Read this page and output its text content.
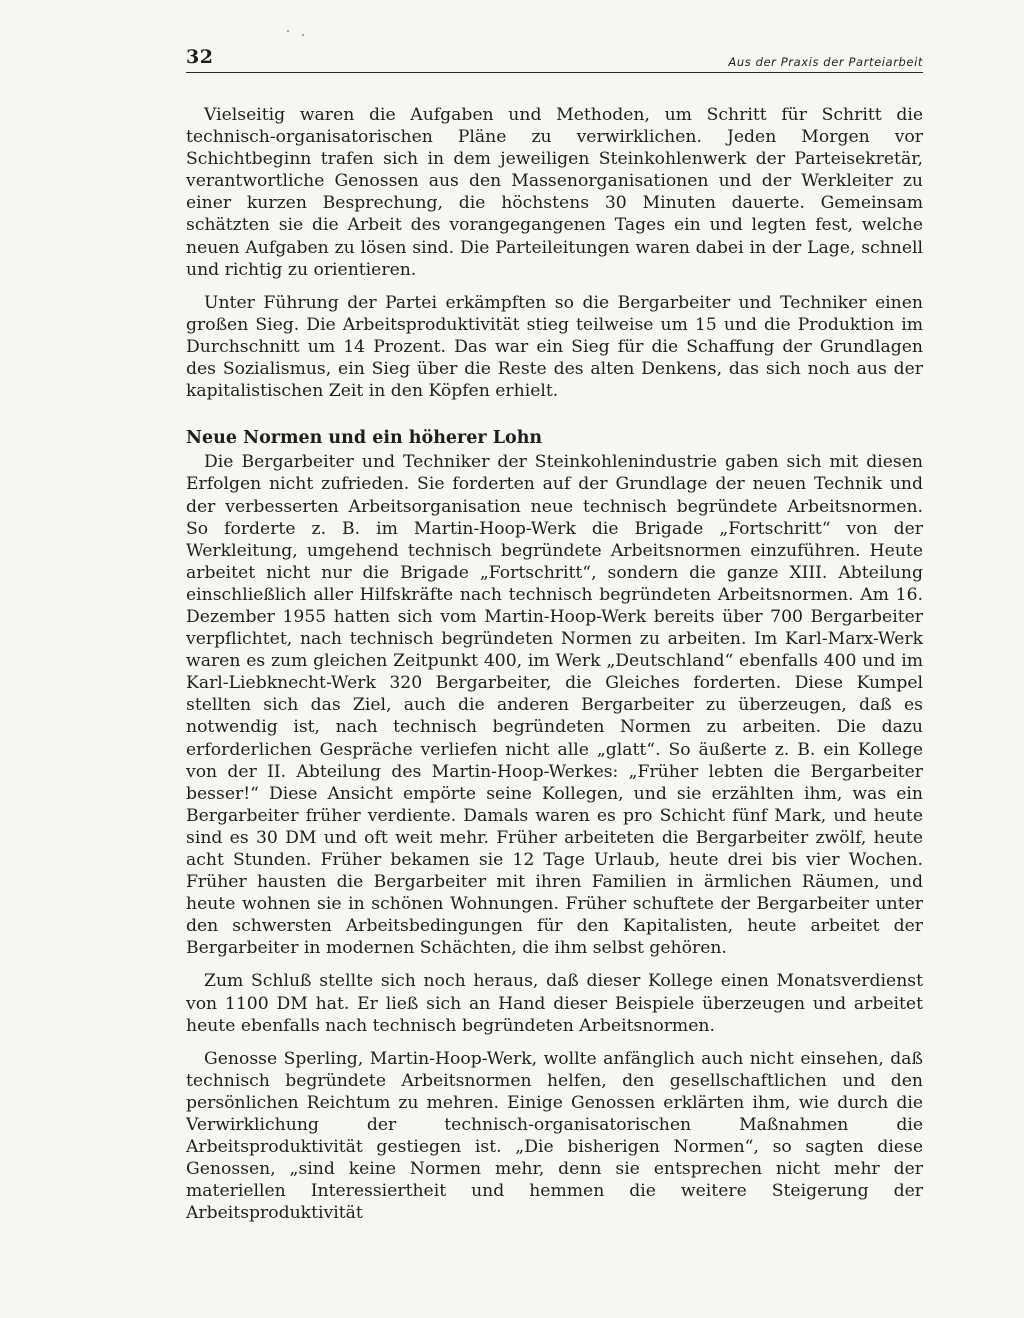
32	Aus der Praxis der Parteiarbeit

Vielseitig waren die Aufgaben und Methoden, um Schritt für Schritt die technisch-organisatorischen Pläne zu verwirklichen. Jeden Morgen vor Schichtbeginn trafen sich in dem jeweiligen Steinkohlenwerk der Parteisekretär, verantwortliche Genossen aus den Massenorganisationen und der Werkleiter zu einer kurzen Besprechung, die höchstens 30 Minuten dauerte. Gemeinsam schätzten sie die Arbeit des vorangegangenen Tages ein und legten fest, welche neuen Aufgaben zu lösen sind. Die Parteileitungen waren dabei in der Lage, schnell und richtig zu orientieren.

Unter Führung der Partei erkämpften so die Bergarbeiter und Techniker einen großen Sieg. Die Arbeitsproduktivität stieg teilweise um 15 und die Produktion im Durchschnitt um 14 Prozent. Das war ein Sieg für die Schaffung der Grundlagen des Sozialismus, ein Sieg über die Reste des alten Denkens, das sich noch aus der kapitalistischen Zeit in den Köpfen erhielt.

Neue Normen und ein höherer Lohn

Die Bergarbeiter und Techniker der Steinkohlenindustrie gaben sich mit diesen Erfolgen nicht zufrieden. Sie forderten auf der Grundlage der neuen Technik und der verbesserten Arbeitsorganisation neue technisch begründete Arbeitsnormen. So forderte z. B. im Martin-Hoop-Werk die Brigade „Fortschritt“ von der Werkleitung, umgehend technisch begründete Arbeitsnormen einzuführen. Heute arbeitet nicht nur die Brigade „Fortschritt“, sondern die ganze XIII. Abteilung einschließlich aller Hilfskräfte nach technisch begründeten Arbeitsnormen. Am 16. Dezember 1955 hatten sich vom Martin-Hoop-Werk bereits über 700 Bergarbeiter verpflichtet, nach technisch begründeten Normen zu arbeiten. Im Karl-Marx-Werk waren es zum gleichen Zeitpunkt 400, im Werk „Deutschland“ ebenfalls 400 und im Karl-Liebknecht-Werk 320 Bergarbeiter, die Gleiches forderten. Diese Kumpel stellten sich das Ziel, auch die anderen Bergarbeiter zu überzeugen, daß es notwendig ist, nach technisch begründeten Normen zu arbeiten. Die dazu erforderlichen Gespräche verliefen nicht alle „glatt“. So äußerte z. B. ein Kollege von der II. Abteilung des Martin-Hoop-Werkes: „Früher lebten die Bergarbeiter besser!“ Diese Ansicht empörte seine Kollegen, und sie erzählten ihm, was ein Bergarbeiter früher verdiente. Damals waren es pro Schicht fünf Mark, und heute sind es 30 DM und oft weit mehr. Früher arbeiteten die Bergarbeiter zwölf, heute acht Stunden. Früher bekamen sie 12 Tage Urlaub, heute drei bis vier Wochen. Früher hausten die Bergarbeiter mit ihren Familien in ärmlichen Räumen, und heute wohnen sie in schönen Wohnungen. Früher schuftete der Bergarbeiter unter den schwersten Arbeitsbedingungen für den Kapitalisten, heute arbeitet der Bergarbeiter in modernen Schächten, die ihm selbst gehören.

Zum Schluß stellte sich noch heraus, daß dieser Kollege einen Monatsverdienst von 1100 DM hat. Er ließ sich an Hand dieser Beispiele überzeugen und arbeitet heute ebenfalls nach technisch begründeten Arbeitsnormen.

Genosse Sperling, Martin-Hoop-Werk, wollte anfänglich auch nicht einsehen, daß technisch begründete Arbeitsnormen helfen, den gesellschaftlichen und den persönlichen Reichtum zu mehren. Einige Genossen erklärten ihm, wie durch die Verwirklichung der technisch-organisatorischen Maßnahmen die Arbeitsproduktivität gestiegen ist. „Die bisherigen Normen“, so sagten diese Genossen, „sind keine Normen mehr, denn sie entsprechen nicht mehr der materiellen Interessiertheit und hemmen die weitere Steigerung der Arbeitsproduktivität
